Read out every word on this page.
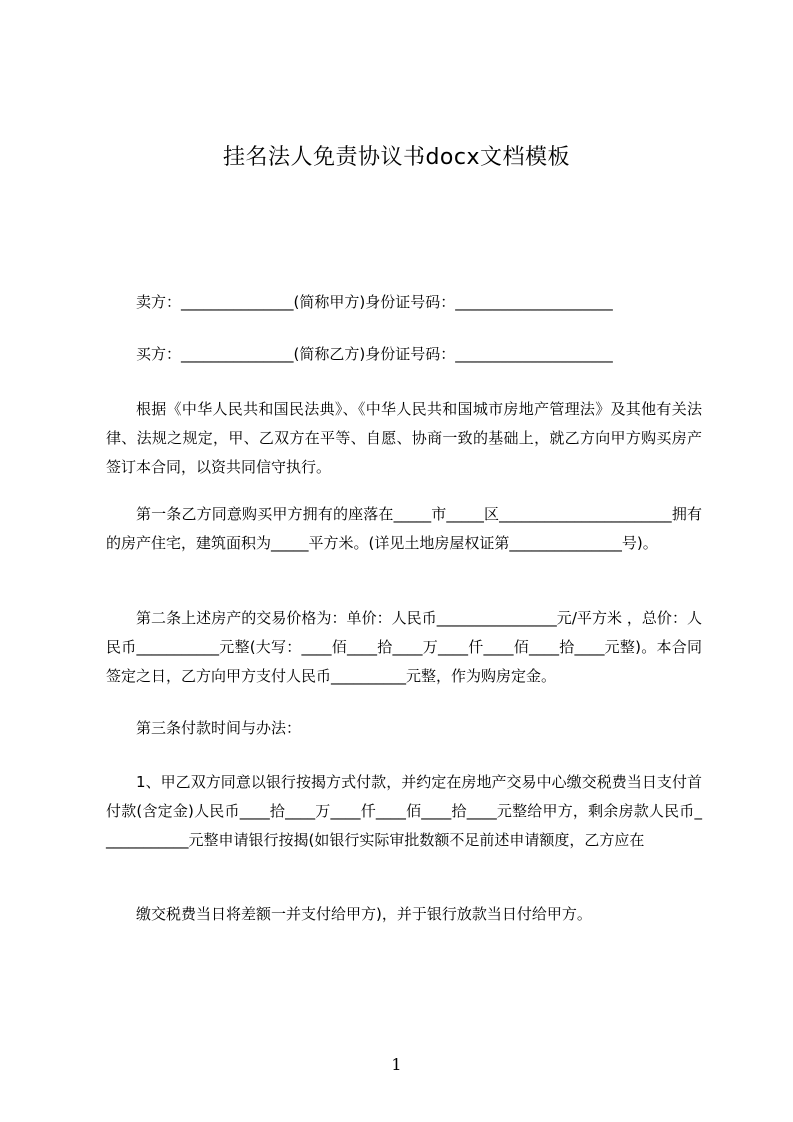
挂名法人免责协议书docx文档模板
卖方：_______________(简称甲方)身份证号码：_____________________
买方：_______________(简称乙方)身份证号码：_____________________
根据《中华人民共和国民法典》、《中华人民共和国城市房地产管理法》及其他有关法律、法规之规定，甲、乙双方在平等、自愿、协商一致的基础上，就乙方向甲方购买房产签订本合同，以资共同信守执行。
第一条乙方同意购买甲方拥有的座落在_____市_____区_______________________拥有的房产住宅，建筑面积为_____平方米。(详见土地房屋权证第_______________号)。
第二条上述房产的交易价格为：单价：人民币________________元/平方米 ，总价：人民币___________元整(大写：____佰____拾____万____仟____佰____拾____元整)。本合同签定之日，乙方向甲方支付人民币__________元整，作为购房定金。
第三条付款时间与办法：
1、甲乙双方同意以银行按揭方式付款，并约定在房地产交易中心缴交税费当日支付首付款(含定金)人民币____拾____万____仟____佰____拾____元整给甲方，剩余房款人民币____________元整申请银行按揭(如银行实际审批数额不足前述申请额度，乙方应在
缴交税费当日将差额一并支付给甲方)，并于银行放款当日付给甲方。
1
